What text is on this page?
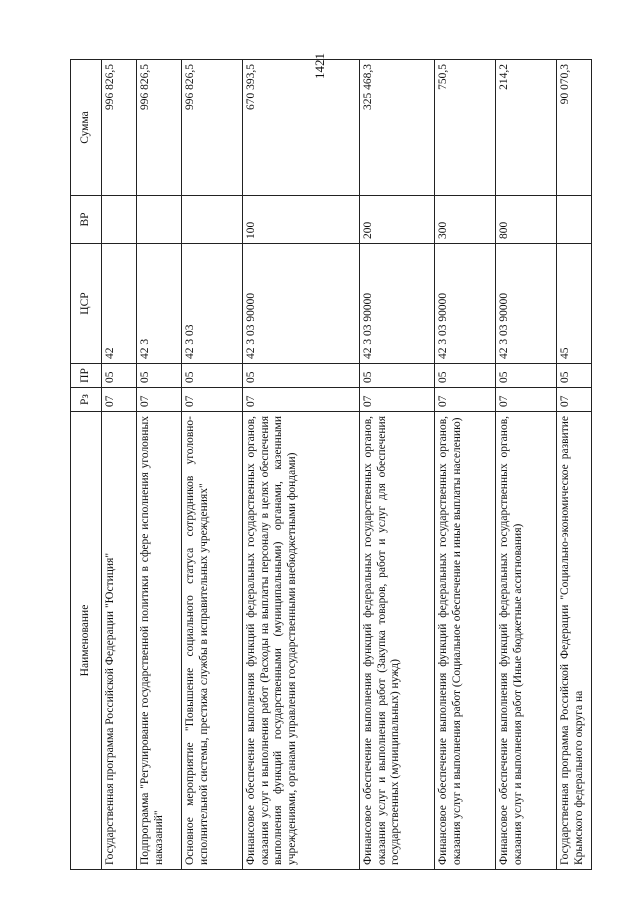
1421
Наименование	Рз	ПР	ЦСР	ВР	Сумма
Государственная программа Российской Федерации "Юстиция"	07	05	42		996 826,5
Подпрограмма "Регулирование государственной политики в сфере исполнения уголовных наказаний"	07	05	42 3		996 826,5
Основное мероприятие "Повышение социального статуса сотрудников уголовно-исполнительной системы, престижа службы в исправительных учреждениях"	07	05	42 3 03		996 826,5
Финансовое обеспечение выполнения функций федеральных государственных органов, оказания услуг и выполнения работ (Расходы на выплаты персоналу в целях обеспечения выполнения функций государственными (муниципальными) органами, казенными учреждениями, органами управления государственными внебюджетными фондами)	07	05	42 3 03 90000	100	670 393,5
Финансовое обеспечение выполнения функций федеральных государственных органов, оказания услуг и выполнения работ (Закупка товаров, работ и услуг для обеспечения государственных (муниципальных) нужд)	07	05	42 3 03 90000	200	325 468,3
Финансовое обеспечение выполнения функций федеральных государственных органов, оказания услуг и выполнения работ (Социальное обеспечение и иные выплаты населению)	07	05	42 3 03 90000	300	750,5
Финансовое обеспечение выполнения функций федеральных государственных органов, оказания услуг и выполнения работ (Иные бюджетные ассигнования)	07	05	42 3 03 90000	800	214,2
Государственная программа Российской Федерации "Социально-экономическое развитие Крымского федерального округа на	07	05	45		90 070,3
